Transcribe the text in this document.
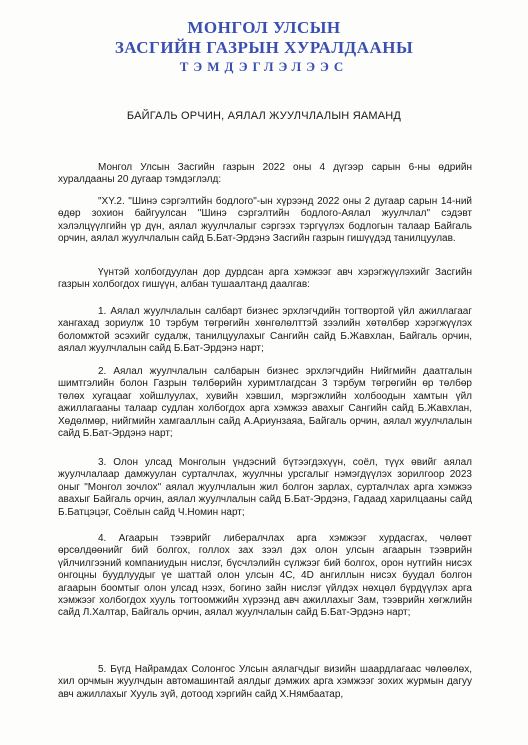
МОНГОЛ УЛСЫН
ЗАСГИЙН ГАЗРЫН ХУРАЛДААНЫ
ТЭМДЭГЛЭЛЭЭС
БАЙГАЛЬ ОРЧИН, АЯЛАЛ ЖУУЛЧЛАЛЫН ЯАМАНД

Монгол Улсын Засгийн газрын 2022 оны 4 дүгээр сарын 6-ны өдрийн хуралдааны 20 дугаар тэмдэглэлд:

"XY.2. "Шинэ сэргэлтийн бодлого"-ын хүрээнд 2022 оны 2 дугаар сарын 14-ний өдөр зохион байгуулсан "Шинэ сэргэлтийн бодлого-Аялал жуулчлал" сэдэвт хэлэлцүүлгийн үр дүн, аялал жуулчлалыг сэргээх тэргүүлэх бодлогын талаар Байгаль орчин, аялал жуулчлалын сайд Б.Бат-Эрдэнэ Засгийн газрын гишүүдэд танилцуулав.

Үүнтэй холбогдуулан дор дурдсан арга хэмжээг авч хэрэгжүүлэхийг Засгийн газрын холбогдох гишүүн, албан тушаалтанд даалгав:

1. Аялал жуулчлалын салбарт бизнес эрхлэгчдийн тогтвортой үйл ажиллагааг хангахад зориулж 10 тэрбум төгрөгийн хөнгөлөлттэй зээлийн хөтөлбөр хэрэгжүүлэх боломжтой эсэхийг судалж, танилцуулахыг Сангийн сайд Б.Жавхлан, Байгаль орчин, аялал жуулчлалын сайд Б.Бат-Эрдэнэ нарт;

2. Аялал жуулчлалын салбарын бизнес эрхлэгчдийн Нийгмийн даатгалын шимтгэлийн болон Газрын төлбөрийн хуримтлагдсан 3 тэрбум төгрөгийн өр төлбөр төлөх хугацааг хойшлуулах, хувийн хэвшил, мэргэжлийн холбоодын хамтын үйл ажиллагааны талаар судлан холбогдох арга хэмжээ авахыг Сангийн сайд Б.Жавхлан, Хөдөлмөр, нийгмийн хамгааллын сайд А.Ариунзаяа, Байгаль орчин, аялал жуулчлалын сайд Б.Бат-Эрдэнэ нарт;

3. Олон улсад Монголын үндэсний бүтээгдэхүүн, соёл, түүх өвийг аялал жуулчлалаар дамжуулан сурталчлах, жуулчны урсгалыг нэмэгдүүлэх зорилгоор 2023 оныг "Монгол зочлох" аялал жуулчлалын жил болгон зарлах, сурталчлах арга хэмжээ авахыг Байгаль орчин, аялал жуулчлалын сайд Б.Бат-Эрдэнэ, Гадаад харилцааны сайд Б.Батцэцэг, Соёлын сайд Ч.Номин нарт;

4. Агаарын тээврийг либералчлах арга хэмжээг хурдасгах, чөлөөт өрсөлдөөнийг бий болгох, голлох зах зээл дэх олон улсын агаарын тээврийн үйлчилгээний компаниудын нислэг, бүсчлэлийн сүлжээг бий болгох, орон нутгийн нисэх онгоцны буудлуудыг үе шаттай олон улсын 4С, 4D ангиллын нисэх буудал болгон агаарын боомтыг олон улсад нээх, богино зайн нислэг үйлдэх нөхцөл бүрдүүлэх арга хэмжээг холбогдох хууль тогтоомжийн хүрээнд авч ажиллахыг Зам, тээврийн хөгжлийн сайд Л.Халтар, Байгаль орчин, аялал жуулчлалын сайд Б.Бат-Эрдэнэ нарт;

5. Бүгд Найрамдах Солонгос Улсын аялагчдыг визийн шаардлагаас чөлөөлөх, хил орчмын жуулчдын автомашинтай аялдыг дэмжих арга хэмжээг зохих журмын дагуу авч ажиллахыг Хууль зүй, дотоод хэргийн сайд Х.Нямбаатар,
